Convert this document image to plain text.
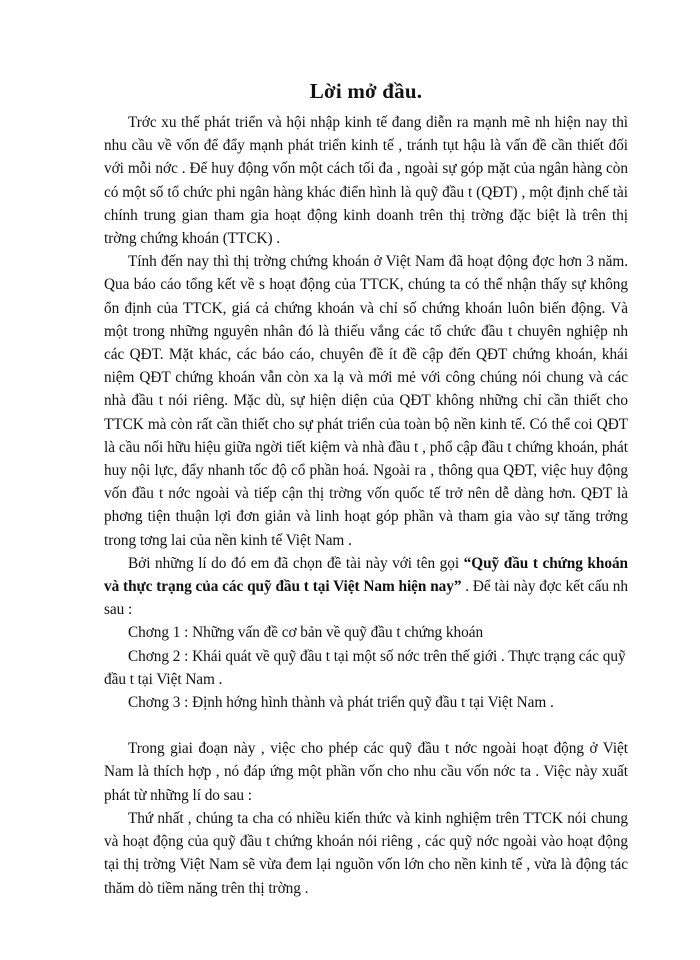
Lời mở đầu.

Trớc xu thế phát triển và hội nhập kinh tế đang diễn ra mạnh mẽ nh hiện nay thì nhu cầu về vốn để đẩy mạnh phát triển kinh tế , tránh tụt hậu là vấn đề cần thiết đối với mỗi nớc . Để huy động vốn một cách tối đa , ngoài sự góp mặt của ngân hàng còn có một số tổ chức phi ngân hàng khác điển hình là quỹ đầu t (QĐT) , một định chế tài chính trung gian tham gia hoạt động kinh doanh trên thị trờng đặc biệt là trên thị trờng chứng khoán (TTCK) .

Tính đến nay thì thị trờng chứng khoán ở Việt Nam đã hoạt động đợc hơn 3 năm. Qua báo cáo tổng kết về s hoạt động của TTCK, chúng ta có thể nhận thấy sự không ổn định của TTCK, giá cả chứng khoán và chỉ số chứng khoán luôn biến động. Và một trong những nguyên nhân đó là thiếu vắng các tổ chức đầu t chuyên nghiệp nh các QĐT. Mặt khác, các báo cáo, chuyên đề ít đề cập đến QĐT chứng khoán, khái niệm QĐT chứng khoán vẫn còn xa lạ và mới mẻ với công chúng nói chung và các nhà đầu t nói riêng. Mặc dù, sự hiện diện của QĐT không những chỉ cần thiết cho TTCK mà còn rất cần thiết cho sự phát triển của toàn bộ nền kinh tế. Có thể coi QĐT là cầu nối hữu hiệu giữa ngời tiết kiệm và nhà đầu t , phổ cập đầu t chứng khoán, phát huy nội lực, đẩy nhanh tốc độ cổ phần hoá. Ngoài ra , thông qua QĐT, việc huy động vốn đầu t nớc ngoài và tiếp cận thị trờng vốn quốc tế trở nên dễ dàng hơn. QĐT là phơng tiện thuận lợi đơn giản và linh hoạt góp phần và tham gia vào sự tăng trởng trong tơng lai của nền kinh tế Việt Nam .

Bởi những lí do đó em đã chọn đề tài này với tên gọi “Quỹ đầu t chứng khoán và thực trạng của các quỹ đầu t tại Việt Nam hiện nay” . Để tài này đợc kết cấu nh sau :

Chơng 1 : Những vấn đề cơ bản về quỹ đầu t chứng khoán

Chơng 2 : Khái quát về quỹ đầu t tại một số nớc trên thế giới . Thực trạng các quỹ đầu t tại Việt Nam .

Chơng 3 : Định hớng hình thành và phát triển quỹ đầu t tại Việt Nam .

Trong giai đoạn này , việc cho phép các quỹ đầu t nớc ngoài hoạt động ở Việt Nam là thích hợp , nó đáp ứng một phần vốn cho nhu cầu vốn nớc ta . Việc này xuất phát từ những lí do sau :

Thứ nhất , chúng ta cha có nhiều kiến thức và kinh nghiệm trên TTCK nói chung và hoạt động của quỹ đầu t chứng khoán nói riêng , các quỹ nớc ngoài vào hoạt động tại thị trờng Việt Nam sẽ vừa đem lại nguồn vốn lớn cho nền kinh tế , vừa là động tác thăm dò tiềm năng trên thị trờng .
